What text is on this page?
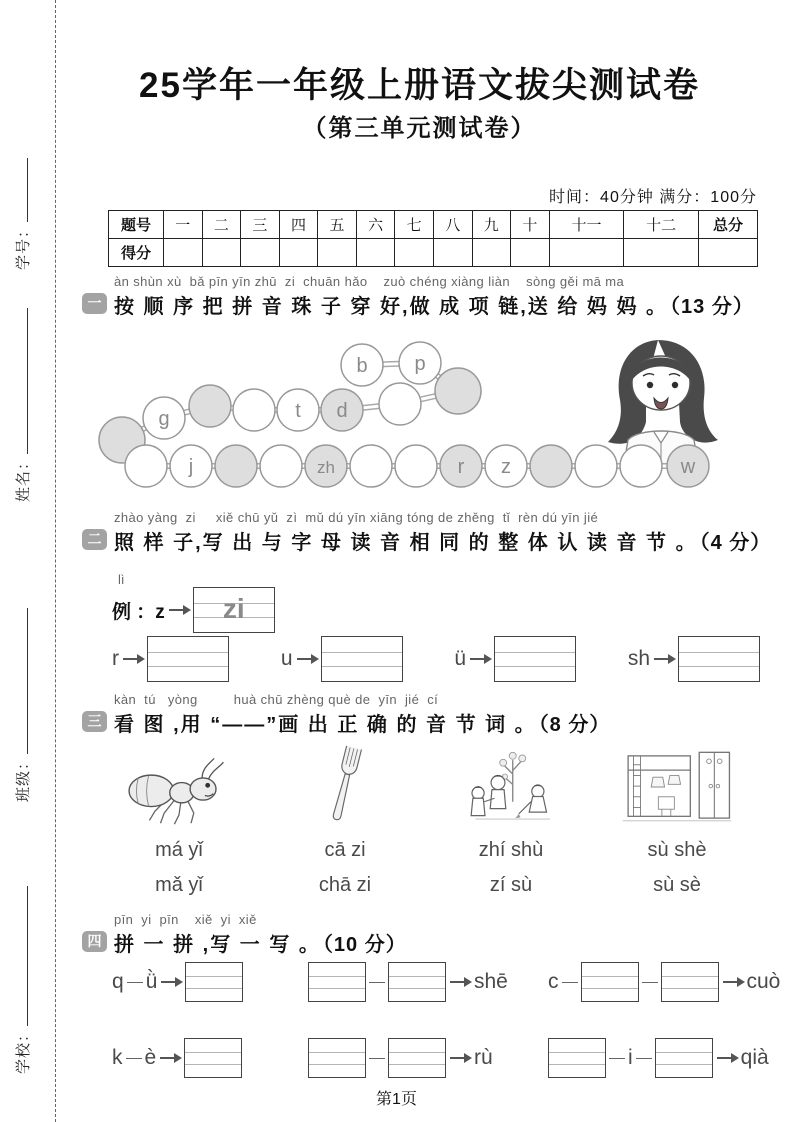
学号：
姓名：
班级：
学校：
25学年一年级上册语文拔尖测试卷
（第三单元测试卷）
时间：40分钟 满分：100分
题号	一	二	三	四	五	六	七	八	九	十	十一	十二	总分
得分													
一
àn shùn xù  bǎ pīn yīn zhū  zi  chuān hǎo    zuò chéng xiàng liàn    sòng gěi mā ma
按 顺 序 把 拼 音 珠 子 穿 好,做 成 项 链,送 给 妈 妈 。 （13 分）
b p
d
t
g
j	zh	r z	w
二
zhào yàng  zi     xiě chū yǔ  zì  mǔ dú yīn xiāng tóng de zhěng  tǐ  rèn dú yīn jié
照 样 子,写 出 与 字 母 读 音 相 同 的 整 体 认 读 音 节 。 （4 分）
lì
例 ：z	zi
r	u	ü	sh
三
kàn  tú   yòng         huà chū zhèng què de  yīn  jié  cí
看 图 ,用 “——”画 出 正 确 的 音 节 词 。 （8 分）
má yǐ
mǎ yǐ
cā zi
chā zi
zhí shù
zí sù
sù shè
sù sè
四
pīn  yi  pīn    xiě  yi  xiě
拼 一 拼 ,写 一 写 。 （10 分）
q ǜ	shē c	cuò
k è	rù	i	qià
第1页
